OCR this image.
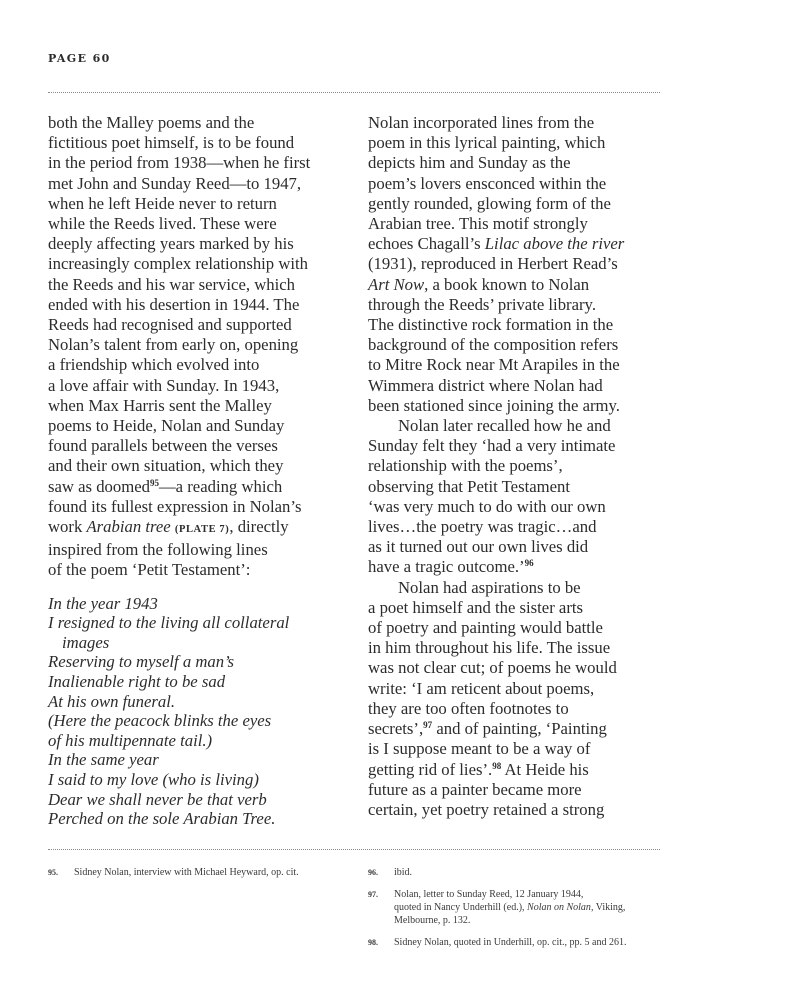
PAGE 60
both the Malley poems and the
fictitious poet himself, is to be found
in the period from 1938—when he first
met John and Sunday Reed—to 1947,
when he left Heide never to return
while the Reeds lived. These were
deeply affecting years marked by his
increasingly complex relationship with
the Reeds and his war service, which
ended with his desertion in 1944. The
Reeds had recognised and supported
Nolan’s talent from early on, opening
a friendship which evolved into
a love affair with Sunday. In 1943,
when Max Harris sent the Malley
poems to Heide, Nolan and Sunday
found parallels between the verses
and their own situation, which they
saw as doomed$^{95}$—a reading which
found its fullest expression in Nolan’s
work Arabian tree (PLATE 7), directly
inspired from the following lines
of the poem ‘Petit Testament’:
In the year 1943
I resigned to the living all collateral
images
Reserving to myself a man’s
Inalienable right to be sad
At his own funeral.
(Here the peacock blinks the eyes
of his multipennate tail.)
In the same year
I said to my love (who is living)
Dear we shall never be that verb
Perched on the sole Arabian Tree.
Nolan incorporated lines from the
poem in this lyrical painting, which
depicts him and Sunday as the
poem’s lovers ensconced within the
gently rounded, glowing form of the
Arabian tree. This motif strongly
echoes Chagall’s Lilac above the river
(1931), reproduced in Herbert Read’s
Art Now, a book known to Nolan
through the Reeds’ private library.
The distinctive rock formation in the
background of the composition refers
to Mitre Rock near Mt Arapiles in the
Wimmera district where Nolan had
been stationed since joining the army.
Nolan later recalled how he and
Sunday felt they ‘had a very intimate
relationship with the poems’,
observing that Petit Testament
‘was very much to do with our own
lives…the poetry was tragic…and
as it turned out our own lives did
have a tragic outcome.’$^{96}$
Nolan had aspirations to be
a poet himself and the sister arts
of poetry and painting would battle
in him throughout his life. The issue
was not clear cut; of poems he would
write: ‘I am reticent about poems,
they are too often footnotes to
secrets’,$^{97}$ and of painting, ‘Painting
is I suppose meant to be a way of
getting rid of lies’.$^{98}$ At Heide his
future as a painter became more
certain, yet poetry retained a strong
95. Sidney Nolan, interview with Michael Heyward, op. cit.	96. ibid.
97. Nolan, letter to Sunday Reed, 12 January 1944,
quoted in Nancy Underhill (ed.), Nolan on Nolan, Viking,
Melbourne, p. 132.
98. Sidney Nolan, quoted in Underhill, op. cit., pp. 5 and 261.
